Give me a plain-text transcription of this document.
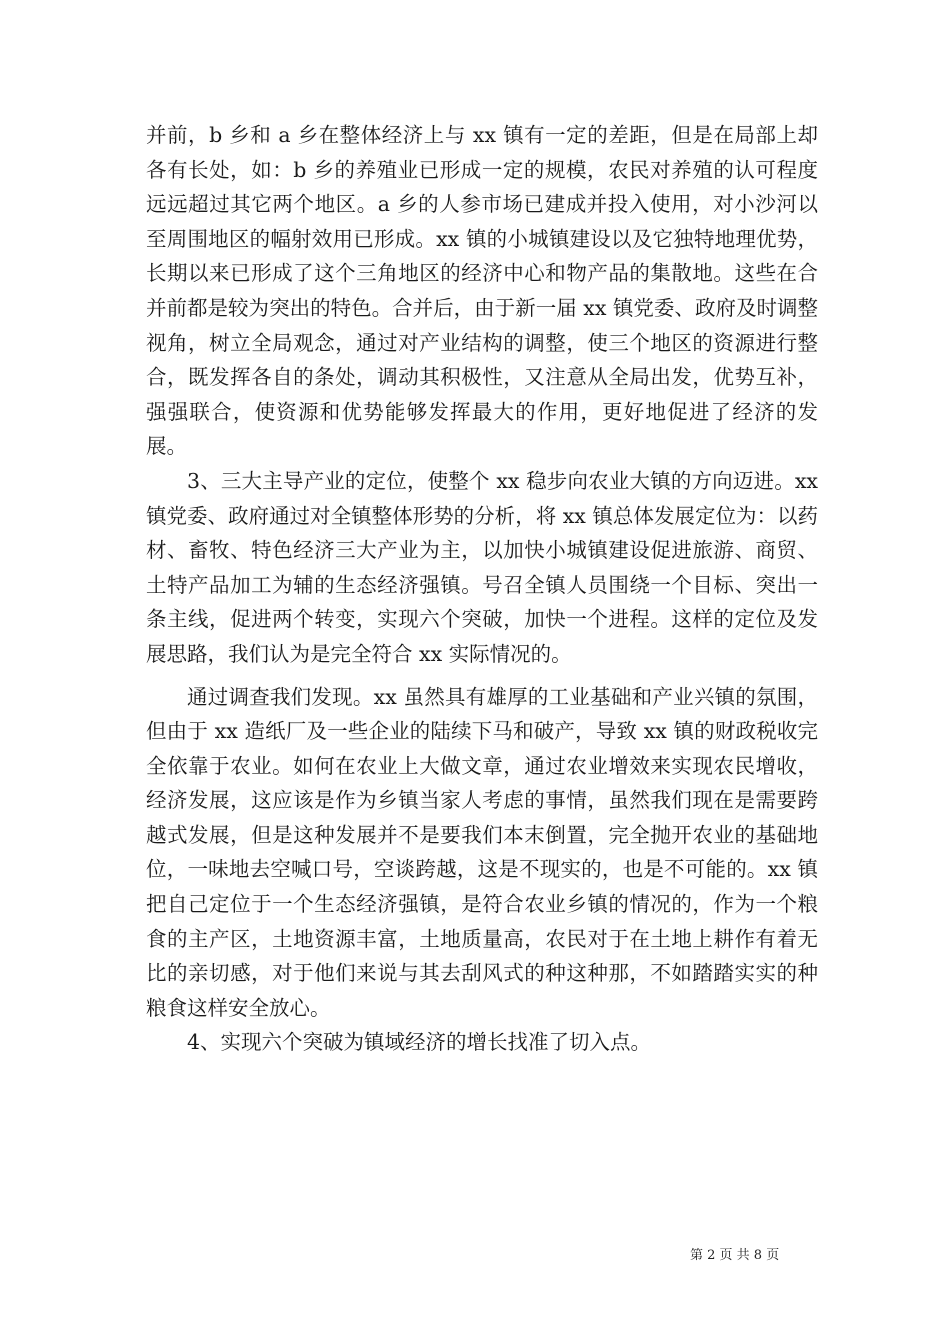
并前，b 乡和 a 乡在整体经济上与 xx 镇有一定的差距，但是在局部上却各有长处，如：b 乡的养殖业已形成一定的规模，农民对养殖的认可程度远远超过其它两个地区。a 乡的人参市场已建成并投入使用，对小沙河以至周围地区的幅射效用已形成。xx 镇的小城镇建设以及它独特地理优势，长期以来已形成了这个三角地区的经济中心和物产品的集散地。这些在合并前都是较为突出的特色。合并后，由于新一届 xx 镇党委、政府及时调整视角，树立全局观念，通过对产业结构的调整，使三个地区的资源进行整合，既发挥各自的条处，调动其积极性，又注意从全局出发，优势互补，强强联合，使资源和优势能够发挥最大的作用，更好地促进了经济的发展。

3、三大主导产业的定位，使整个 xx 稳步向农业大镇的方向迈进。xx 镇党委、政府通过对全镇整体形势的分析，将 xx 镇总体发展定位为：以药材、畜牧、特色经济三大产业为主，以加快小城镇建设促进旅游、商贸、土特产品加工为辅的生态经济强镇。号召全镇人员围绕一个目标、突出一条主线，促进两个转变，实现六个突破，加快一个进程。这样的定位及发展思路，我们认为是完全符合 xx 实际情况的。

通过调查我们发现。xx 虽然具有雄厚的工业基础和产业兴镇的氛围，但由于 xx 造纸厂及一些企业的陆续下马和破产，导致 xx 镇的财政税收完全依靠于农业。如何在农业上大做文章，通过农业增效来实现农民增收，经济发展，这应该是作为乡镇当家人考虑的事情，虽然我们现在是需要跨越式发展，但是这种发展并不是要我们本末倒置，完全抛开农业的基础地位，一味地去空喊口号，空谈跨越，这是不现实的，也是不可能的。xx 镇把自己定位于一个生态经济强镇，是符合农业乡镇的情况的，作为一个粮食的主产区，土地资源丰富，土地质量高，农民对于在土地上耕作有着无比的亲切感，对于他们来说与其去刮风式的种这种那，不如踏踏实实的种粮食这样安全放心。

4、实现六个突破为镇域经济的增长找准了切入点。

第 2 页 共 8 页
